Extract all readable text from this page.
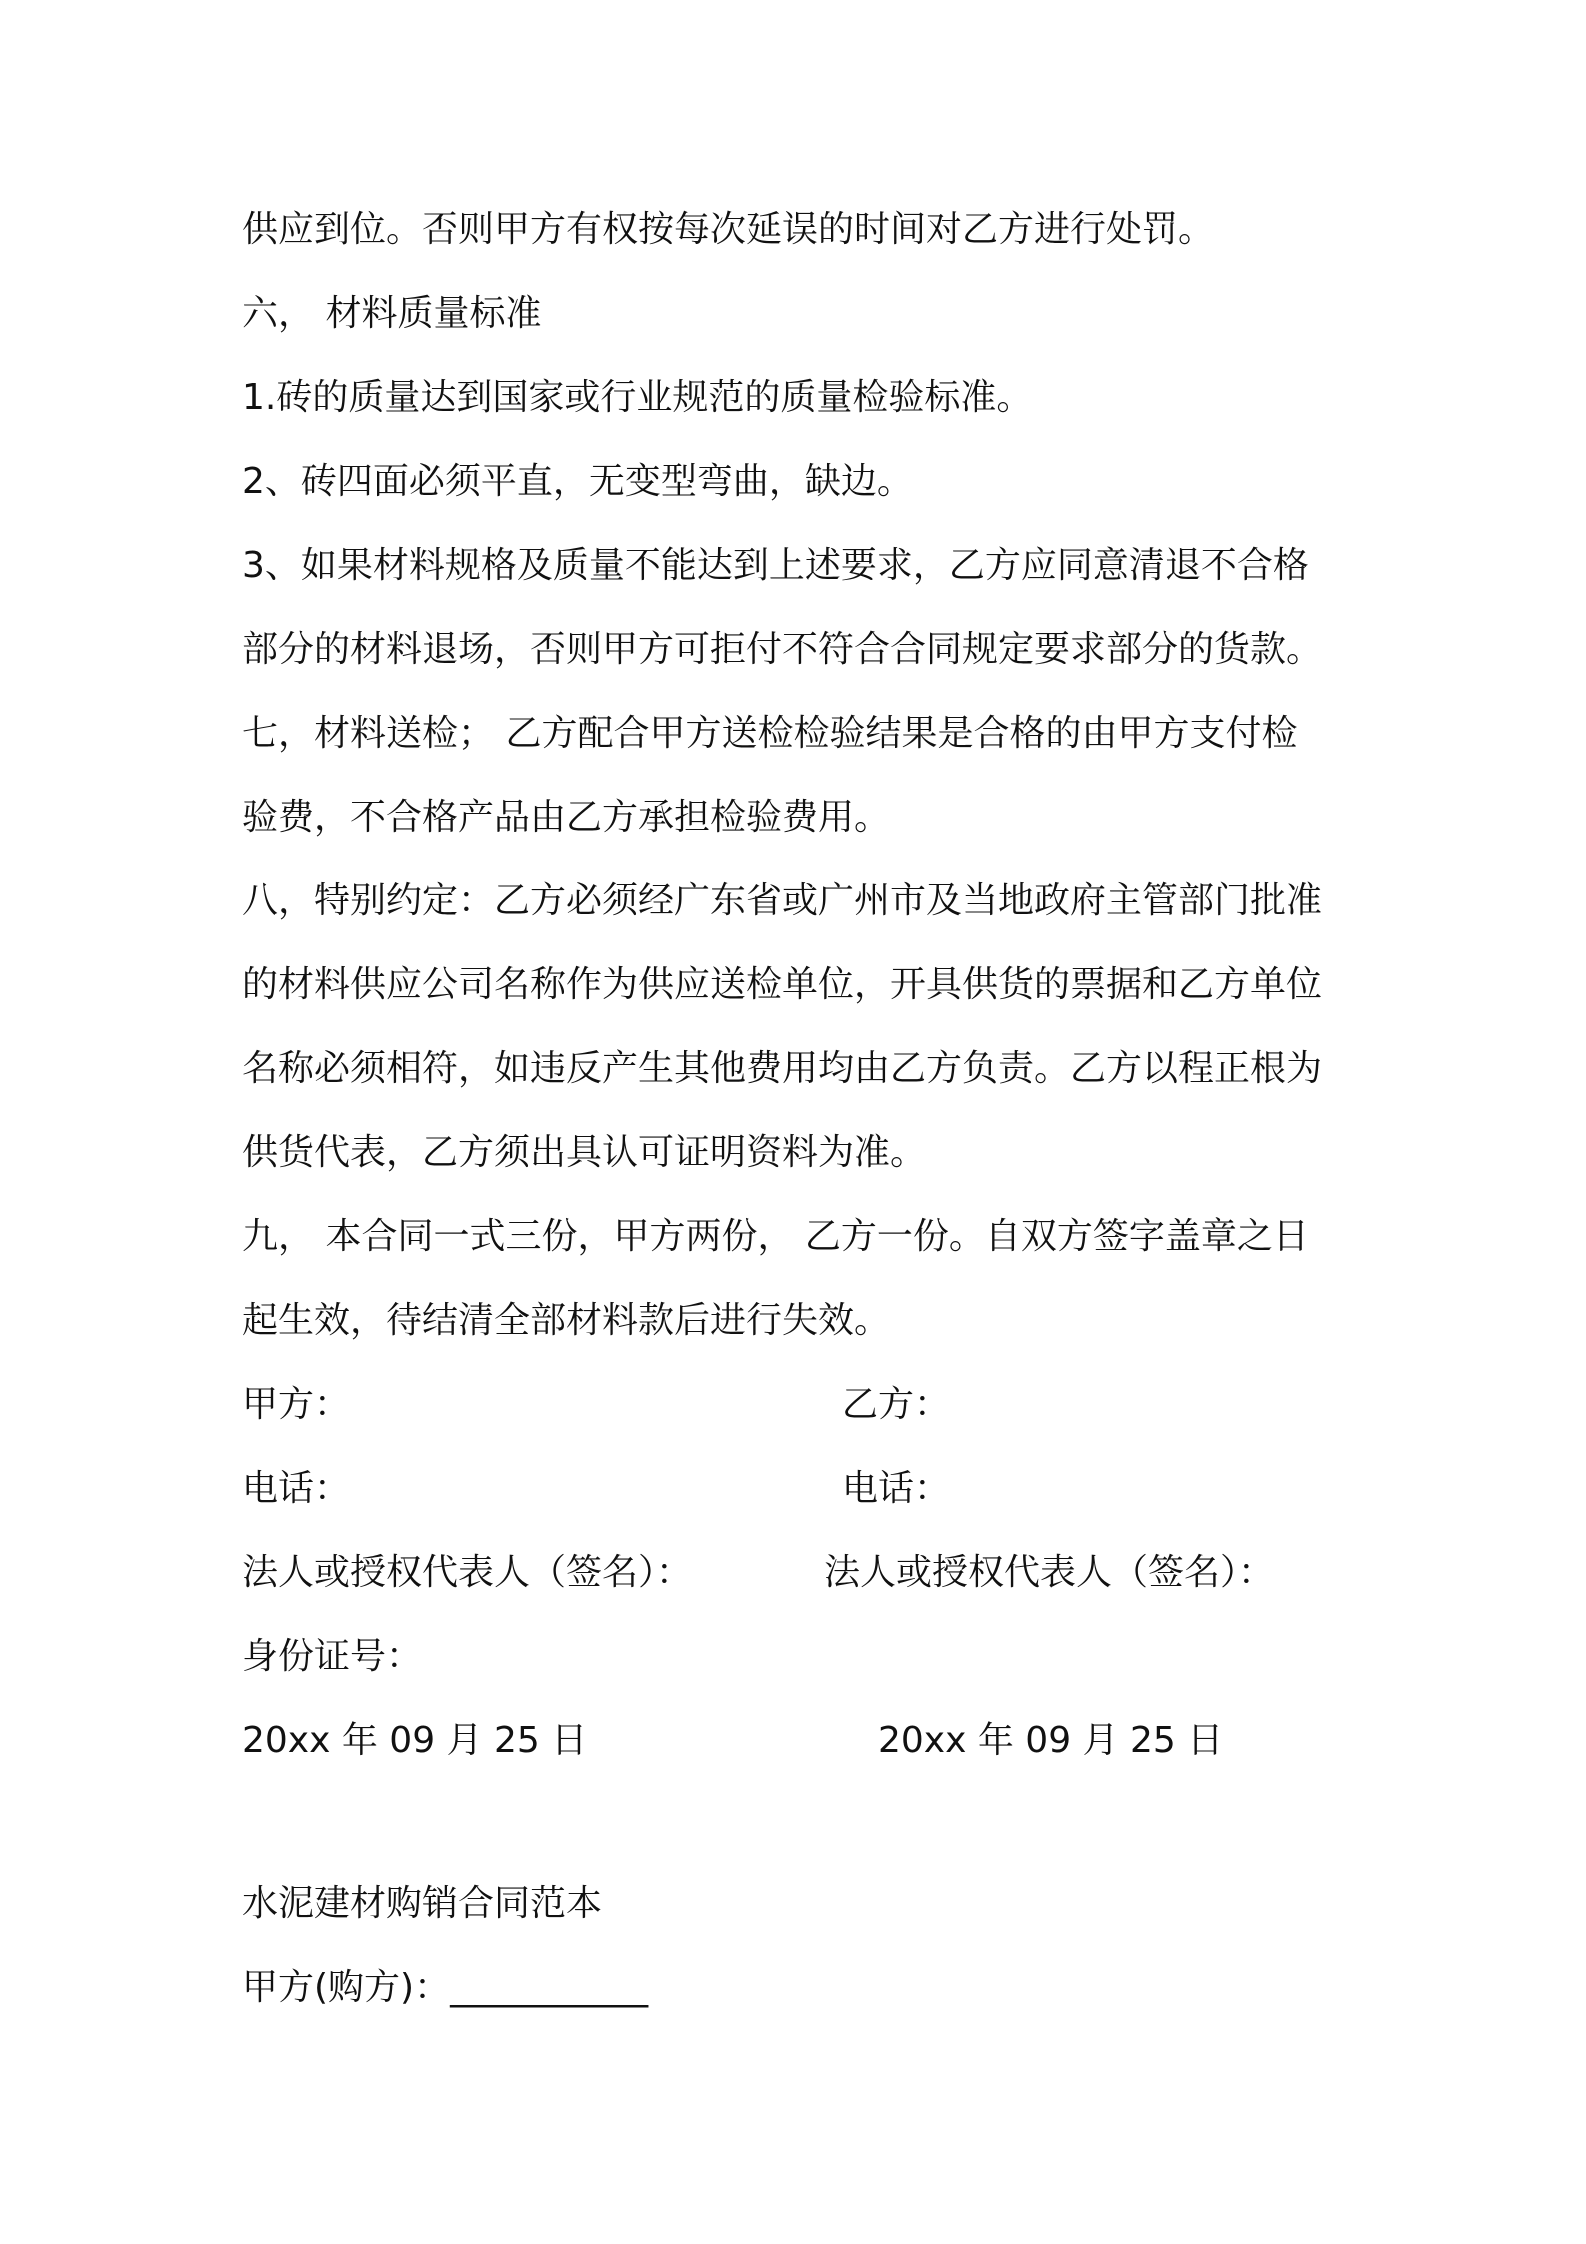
供应到位。否则甲方有权按每次延误的时间对乙方进行处罚。
六， 材料质量标准
1.砖的质量达到国家或行业规范的质量检验标准。
2、砖四面必须平直，无变型弯曲，缺边。
3、如果材料规格及质量不能达到上述要求，乙方应同意清退不合格
部分的材料退场，否则甲方可拒付不符合合同规定要求部分的货款。
七，材料送检； 乙方配合甲方送检检验结果是合格的由甲方支付检
验费，不合格产品由乙方承担检验费用。
八，特别约定：乙方必须经广东省或广州市及当地政府主管部门批准
的材料供应公司名称作为供应送检单位，开具供货的票据和乙方单位
名称必须相符，如违反产生其他费用均由乙方负责。乙方以程正根为
供货代表，乙方须出具认可证明资料为准。
九， 本合同一式三份，甲方两份， 乙方一份。自双方签字盖章之日
起生效，待结清全部材料款后进行失效。
甲方：	乙方：
电话：	电话：
法人或授权代表人（签名）：	法人或授权代表人（签名）：
身份证号：
20xx 年 09 月 25 日	20xx 年 09 月 25 日
水泥建材购销合同范本
甲方(购方)：___________
